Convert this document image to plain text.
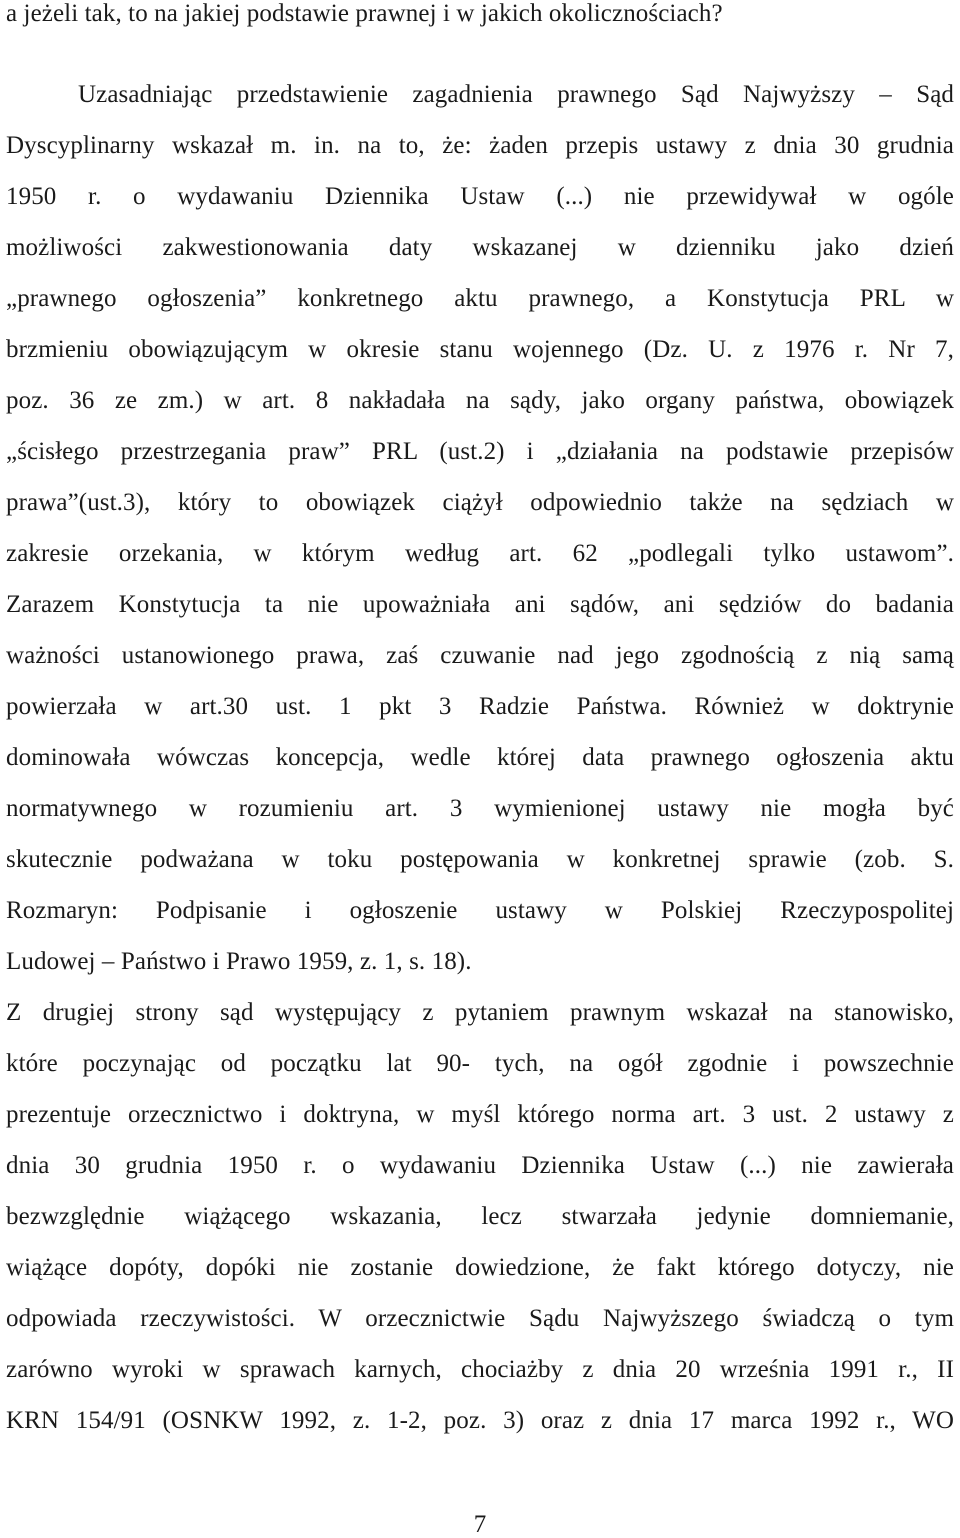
a jeżeli tak, to na jakiej podstawie prawnej i w jakich okolicznościach?
Uzasadniając przedstawienie zagadnienia prawnego Sąd Najwyższy – Sąd
Dyscyplinarny wskazał m. in. na to, że: żaden przepis ustawy z dnia 30 grudnia
1950 r. o wydawaniu Dziennika Ustaw (...) nie przewidywał w ogóle
możliwości zakwestionowania daty wskazanej w dzienniku jako dzień
„prawnego ogłoszenia” konkretnego aktu prawnego, a Konstytucja PRL w
brzmieniu obowiązującym w okresie stanu wojennego (Dz. U. z 1976 r. Nr 7,
poz. 36 ze zm.) w art. 8 nakładała na sądy, jako organy państwa, obowiązek
„ścisłego przestrzegania praw” PRL (ust.2) i „działania na podstawie przepisów
prawa”(ust.3), który to obowiązek ciążył odpowiednio także na sędziach w
zakresie orzekania, w którym według art. 62 „podlegali tylko ustawom”.
Zarazem Konstytucja ta nie upoważniała ani sądów, ani sędziów do badania
ważności ustanowionego prawa, zaś czuwanie nad jego zgodnością z nią samą
powierzała w art.30 ust. 1 pkt 3 Radzie Państwa. Również w doktrynie
dominowała wówczas koncepcja, wedle której data prawnego ogłoszenia aktu
normatywnego w rozumieniu art. 3 wymienionej ustawy nie mogła być
skutecznie podważana w toku postępowania w konkretnej sprawie (zob. S.
Rozmaryn: Podpisanie i ogłoszenie ustawy w Polskiej Rzeczypospolitej
Ludowej – Państwo i Prawo 1959, z. 1, s. 18).
Z drugiej strony sąd występujący z pytaniem prawnym wskazał na stanowisko,
które poczynając od początku lat 90- tych, na ogół zgodnie i powszechnie
prezentuje orzecznictwo i doktryna, w myśl którego norma art. 3 ust. 2 ustawy z
dnia 30 grudnia 1950 r. o wydawaniu Dziennika Ustaw (...) nie zawierała
bezwzględnie wiążącego wskazania, lecz stwarzała jedynie domniemanie,
wiążące dopóty, dopóki nie zostanie dowiedzione, że fakt którego dotyczy, nie
odpowiada rzeczywistości. W orzecznictwie Sądu Najwyższego świadczą o tym
zarówno wyroki w sprawach karnych, chociażby z dnia 20 września 1991 r., II
KRN 154/91 (OSNKW 1992, z. 1-2, poz. 3) oraz z dnia 17 marca 1992 r., WO
7
